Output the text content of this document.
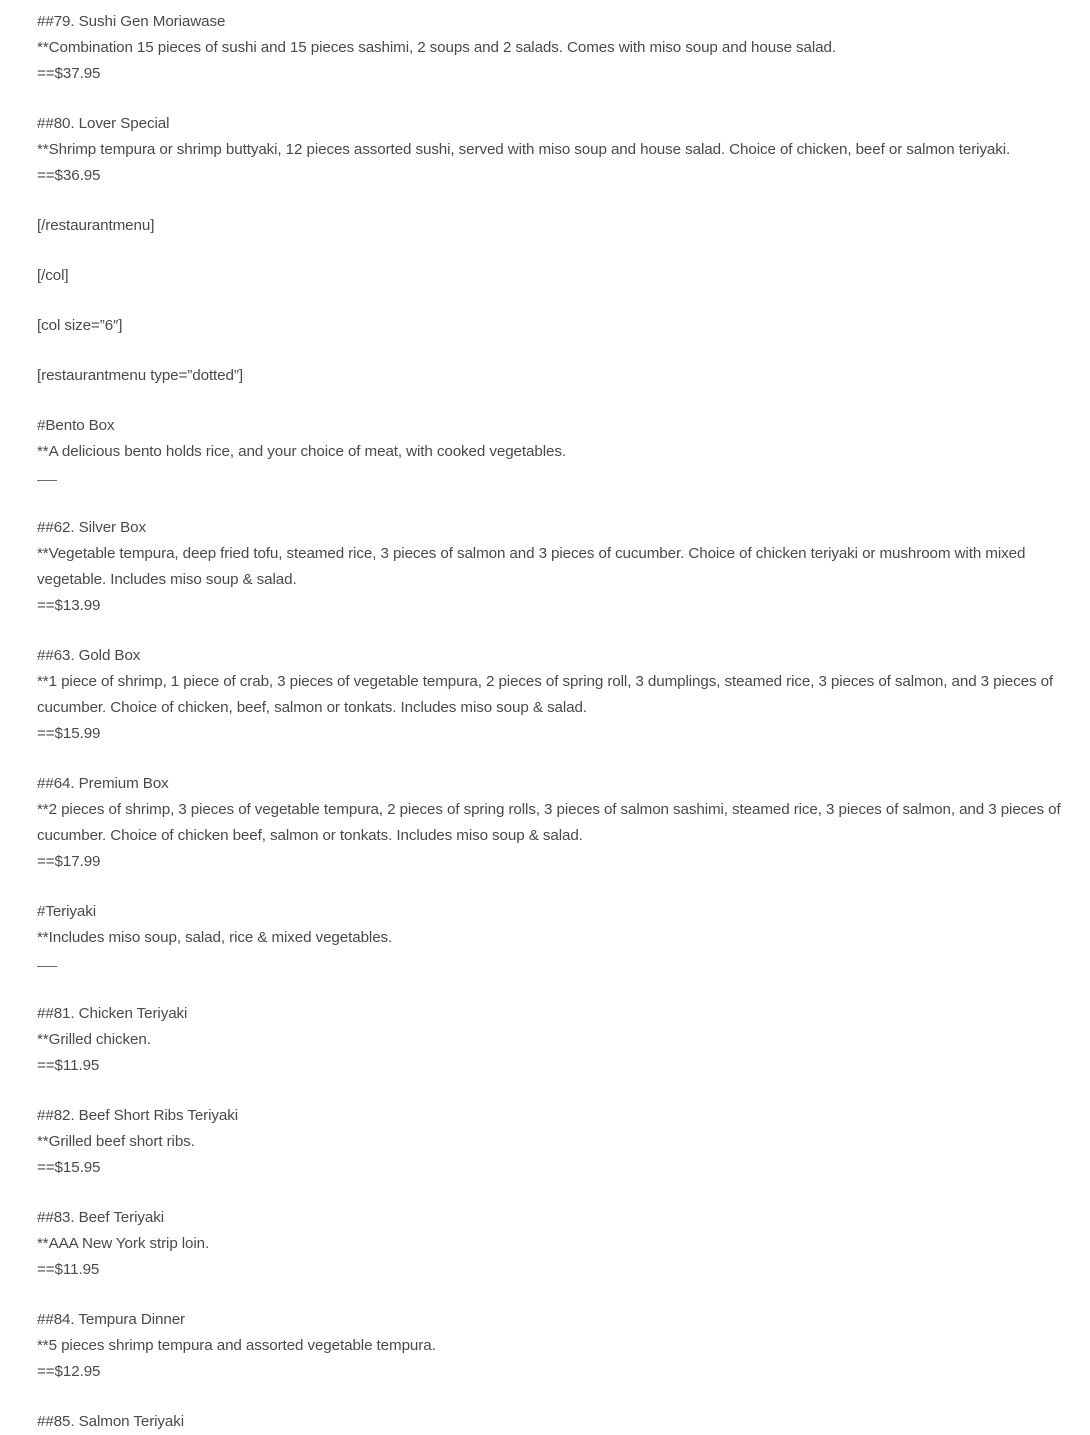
##79. Sushi Gen Moriawase
**Combination 15 pieces of sushi and 15 pieces sashimi, 2 soups and 2 salads. Comes with miso soup and house salad.
==$37.95
##80. Lover Special
**Shrimp tempura or shrimp buttyaki, 12 pieces assorted sushi, served with miso soup and house salad. Choice of chicken, beef or salmon teriyaki.
==$36.95
[/restaurantmenu]
[/col]
[col size=”6″]
[restaurantmenu type=”dotted”]
#Bento Box
**A delicious bento holds rice, and your choice of meat, with cooked vegetables.
##62. Silver Box
**Vegetable tempura, deep fried tofu, steamed rice, 3 pieces of salmon and 3 pieces of cucumber. Choice of chicken teriyaki or mushroom with mixed vegetable. Includes miso soup & salad.
==$13.99
##63. Gold Box
**1 piece of shrimp, 1 piece of crab, 3 pieces of vegetable tempura, 2 pieces of spring roll, 3 dumplings, steamed rice, 3 pieces of salmon, and 3 pieces of cucumber. Choice of chicken, beef, salmon or tonkats. Includes miso soup & salad.
==$15.99
##64. Premium Box
**2 pieces of shrimp, 3 pieces of vegetable tempura, 2 pieces of spring rolls, 3 pieces of salmon sashimi, steamed rice, 3 pieces of salmon, and 3 pieces of cucumber. Choice of chicken beef, salmon or tonkats. Includes miso soup & salad.
==$17.99
#Teriyaki
**Includes miso soup, salad, rice & mixed vegetables.
##81. Chicken Teriyaki
**Grilled chicken.
==$11.95
##82. Beef Short Ribs Teriyaki
**Grilled beef short ribs.
==$15.95
##83. Beef Teriyaki
**AAA New York strip loin.
==$11.95
##84. Tempura Dinner
**5 pieces shrimp tempura and assorted vegetable tempura.
==$12.95
##85. Salmon Teriyaki
